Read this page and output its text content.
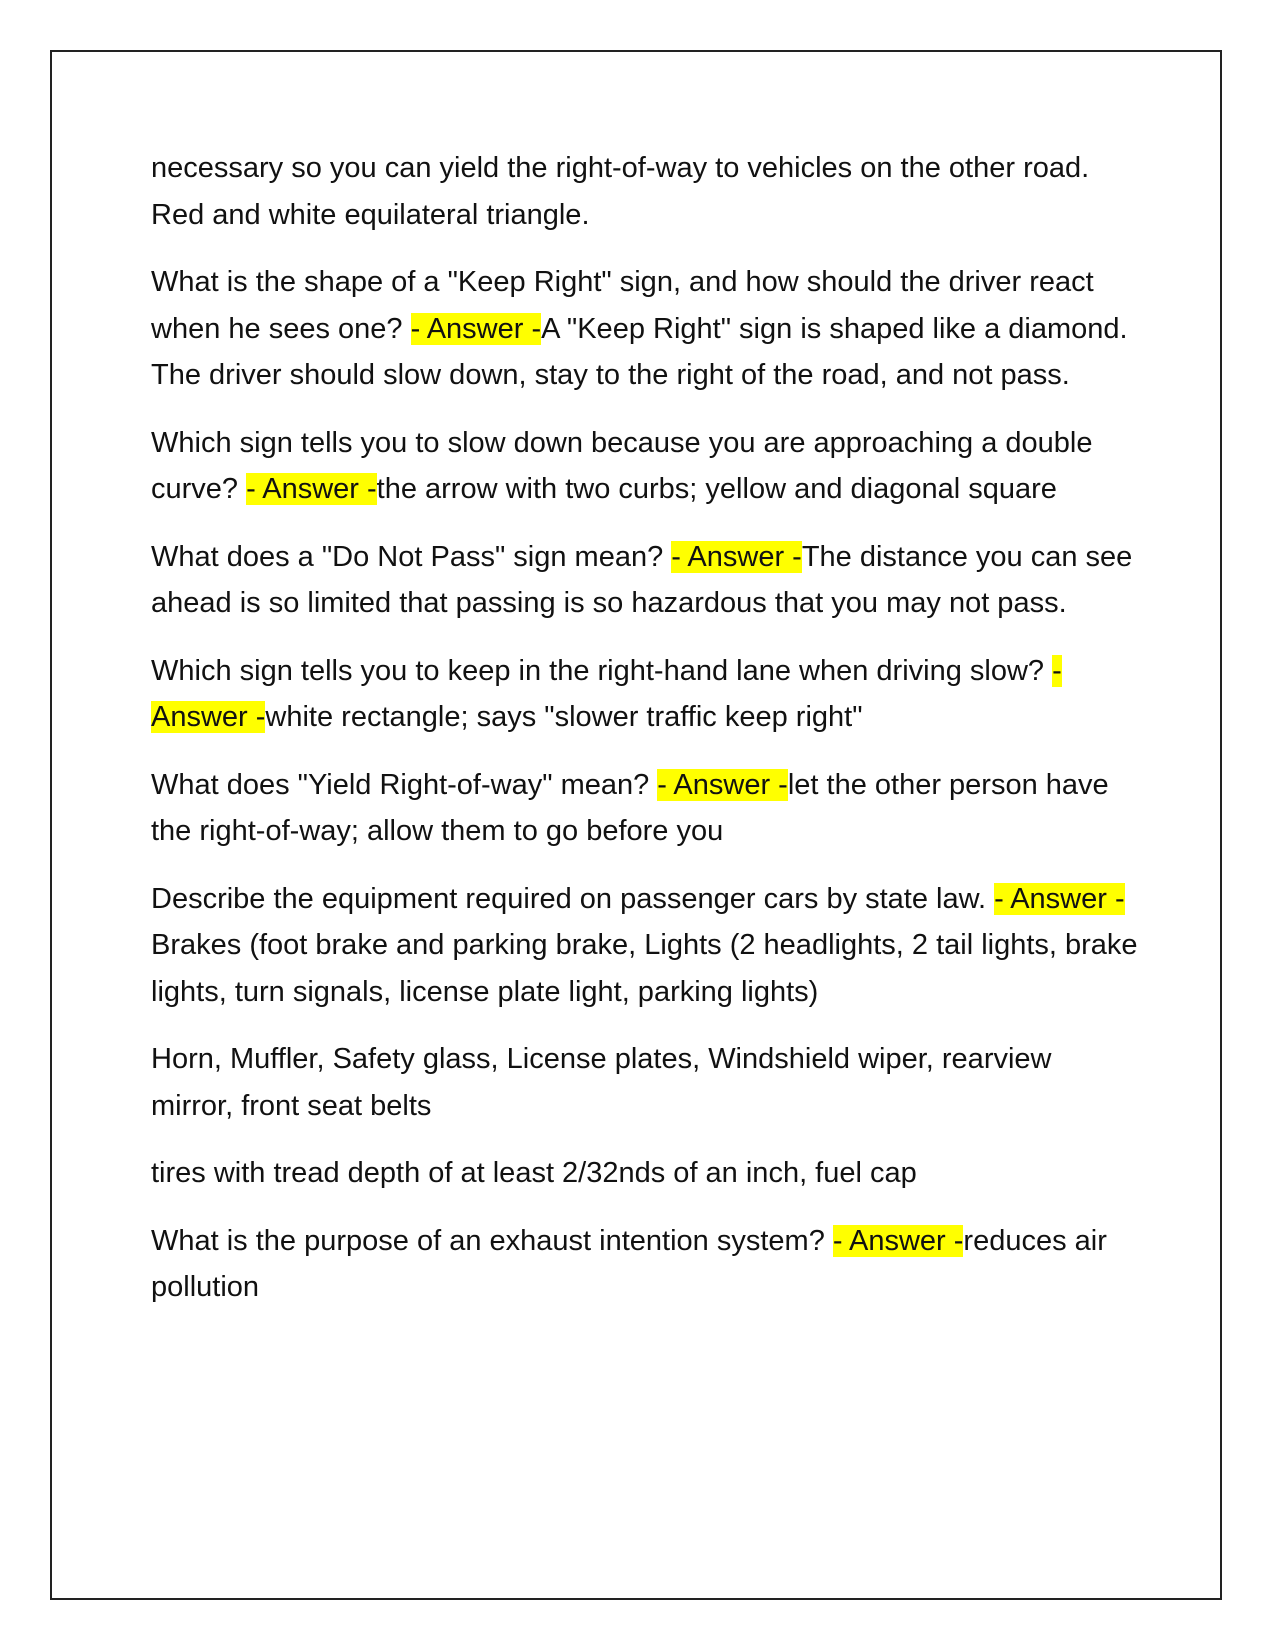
necessary so you can yield the right-of-way to vehicles on the other road. Red and white equilateral triangle.

What is the shape of a "Keep Right" sign, and how should the driver react when he sees one? - Answer -A "Keep Right" sign is shaped like a diamond. The driver should slow down, stay to the right of the road, and not pass.

Which sign tells you to slow down because you are approaching a double curve? - Answer -the arrow with two curbs; yellow and diagonal square

What does a "Do Not Pass" sign mean? - Answer -The distance you can see ahead is so limited that passing is so hazardous that you may not pass.

Which sign tells you to keep in the right-hand lane when driving slow? - Answer -white rectangle; says "slower traffic keep right"

What does "Yield Right-of-way" mean? - Answer -let the other person have the right-of-way; allow them to go before you

Describe the equipment required on passenger cars by state law. - Answer -Brakes (foot brake and parking brake, Lights (2 headlights, 2 tail lights, brake lights, turn signals, license plate light, parking lights)

Horn, Muffler, Safety glass, License plates, Windshield wiper, rearview mirror, front seat belts

tires with tread depth of at least 2/32nds of an inch, fuel cap

What is the purpose of an exhaust intention system? - Answer -reduces air pollution
